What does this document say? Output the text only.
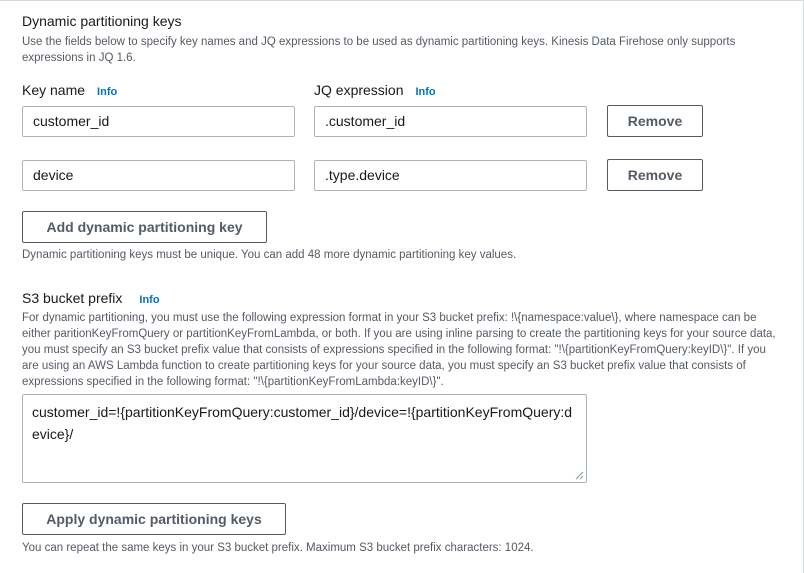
Dynamic partitioning keys
Use the fields below to specify key names and JQ expressions to be used as dynamic partitioning keys. Kinesis Data Firehose only supports expressions in JQ 1.6.
Key name Info	JQ expression Info
customer_id	.customer_id	Remove
device	.type.device	Remove
Add dynamic partitioning key
Dynamic partitioning keys must be unique. You can add 48 more dynamic partitioning key values.
S3 bucket prefix Info
For dynamic partitioning, you must use the following expression format in your S3 bucket prefix: !\{namespace:value\}, where namespace can be either paritionKeyFromQuery or partitionKeyFromLambda, or both. If you are using inline parsing to create the partitioning keys for your source data, you must specify an S3 bucket prefix value that consists of expressions specified in the following format: "!\{partitionKeyFromQuery:keyID\}". If you are using an AWS Lambda function to create partitioning keys for your source data, you must specify an S3 bucket prefix value that consists of expressions specified in the following format: "!\{partitionKeyFromLambda:keyID\}".
customer_id=!{partitionKeyFromQuery:customer_id}/device=!{partitionKeyFromQuery:device}/
Apply dynamic partitioning keys
You can repeat the same keys in your S3 bucket prefix. Maximum S3 bucket prefix characters: 1024.
